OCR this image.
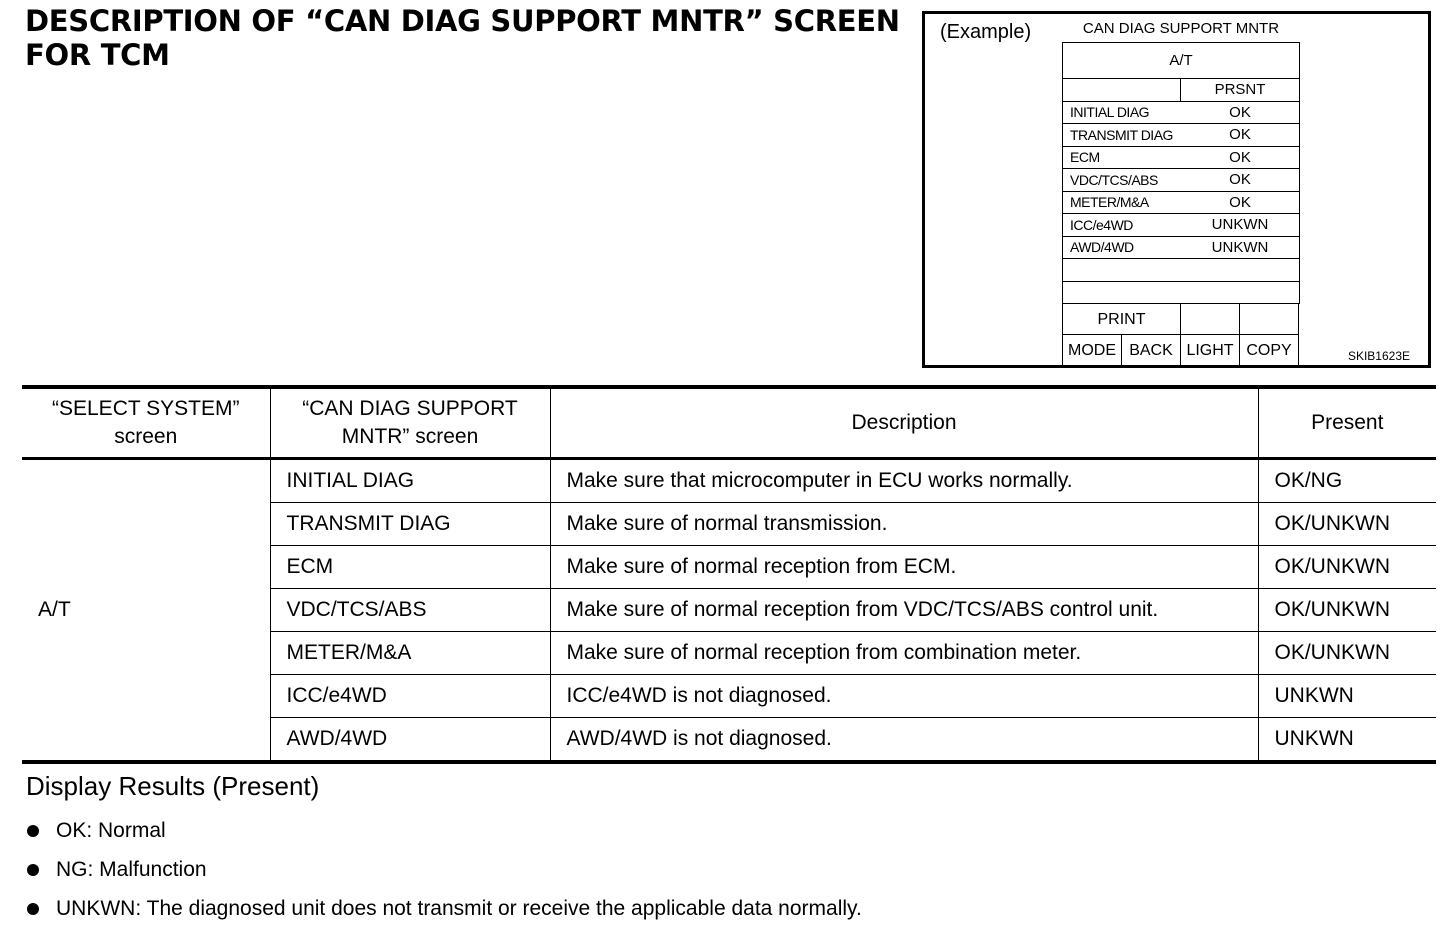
DESCRIPTION OF “CAN DIAG SUPPORT MNTR” SCREEN
FOR TCM
(Example)	CAN DIAG SUPPORT MNTR
A/T
PRSNT
INITIAL DIAG	OK
TRANSMIT DIAG	OK
ECM	OK
VDC/TCS/ABS	OK
METER/M&A	OK
ICC/e4WD	UNKWN
AWD/4WD	UNKWN
PRINT
MODE BACK LIGHT COPY	SKIB1623E
“SELECT SYSTEM” screen	“CAN DIAG SUPPORT MNTR” screen	Description	Present
A/T	INITIAL DIAG	Make sure that microcomputer in ECU works normally.	OK/NG
	TRANSMIT DIAG	Make sure of normal transmission.	OK/UNKWN
	ECM	Make sure of normal reception from ECM.	OK/UNKWN
	VDC/TCS/ABS	Make sure of normal reception from VDC/TCS/ABS control unit.	OK/UNKWN
	METER/M&A	Make sure of normal reception from combination meter.	OK/UNKWN
	ICC/e4WD	ICC/e4WD is not diagnosed.	UNKWN
	AWD/4WD	AWD/4WD is not diagnosed.	UNKWN
Display Results (Present)
OK: Normal
NG: Malfunction
UNKWN: The diagnosed unit does not transmit or receive the applicable data normally.
